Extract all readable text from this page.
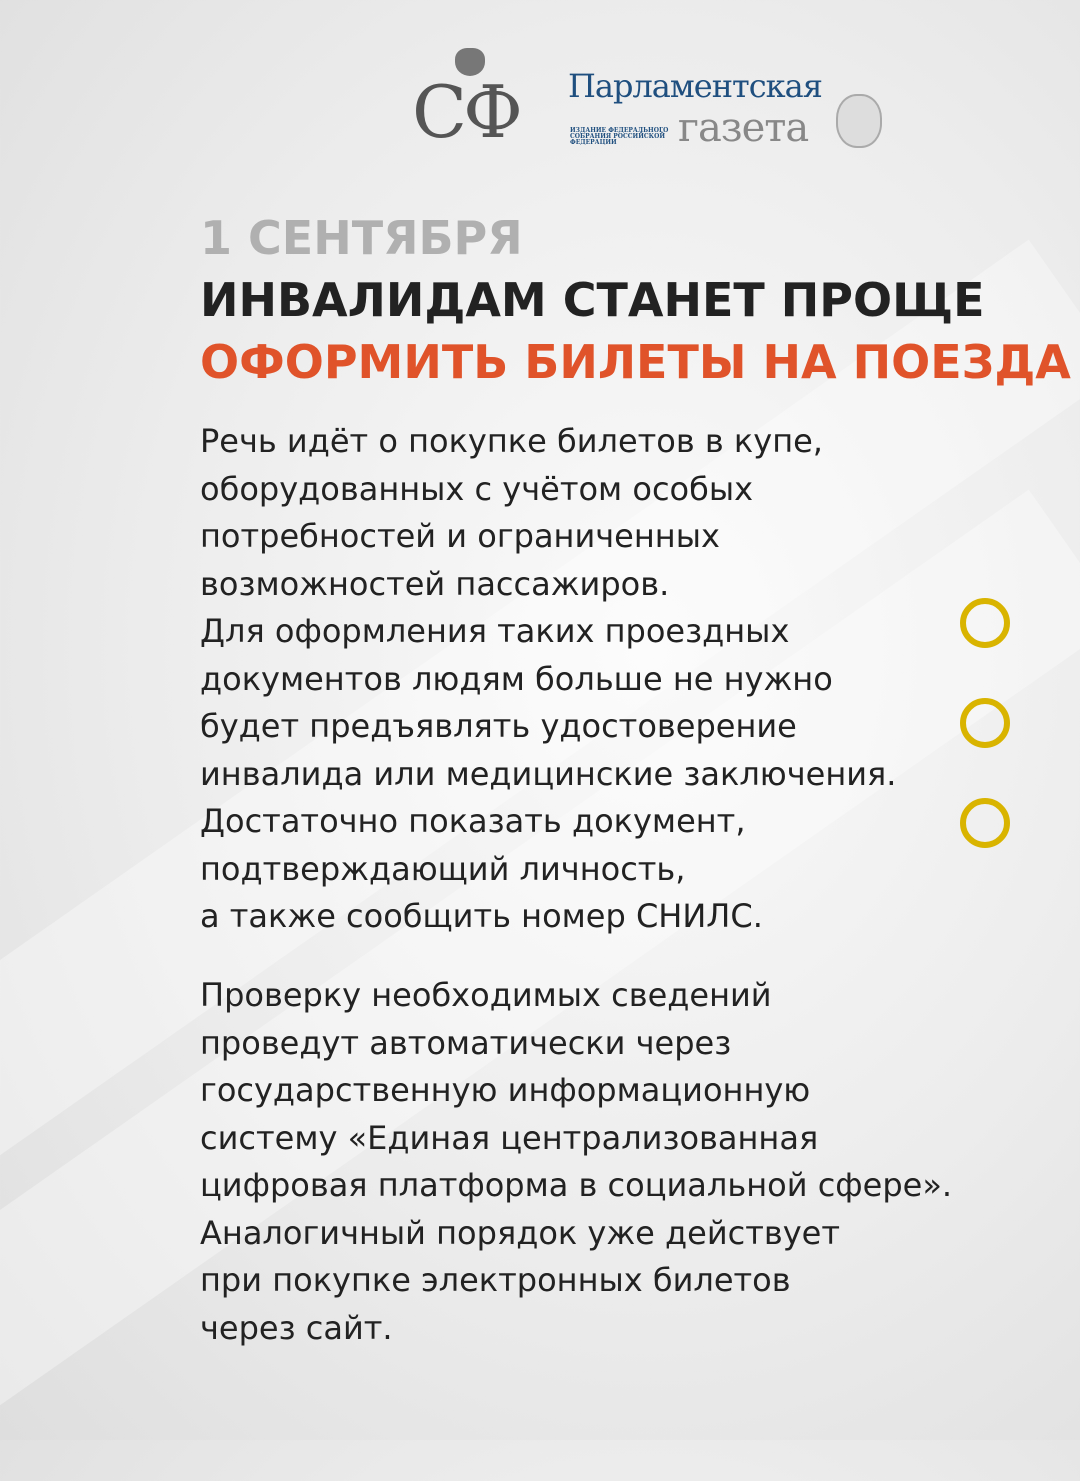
СФ Парламентская
газета
ИЗДАНИЕ ФЕДЕРАЛЬНОГО СОБРАНИЯ РОССИЙСКОЙ ФЕДЕРАЦИИ
1 СЕНТЯБРЯ
ИНВАЛИДАМ СТАНЕТ ПРОЩЕ
ОФОРМИТЬ БИЛЕТЫ НА ПОЕЗДА
Речь идёт о покупке билетов в купе,
оборудованных с учётом особых
потребностей и ограниченных
возможностей пассажиров.
Для оформления таких проездных
документов людям больше не нужно
будет предъявлять удостоверение
инвалида или медицинские заключения.
Достаточно показать документ,
подтверждающий личность,
а также сообщить номер СНИЛС.
Проверку необходимых сведений
проведут автоматически через
государственную информационную
систему «Единая централизованная
цифровая платформа в социальной сфере».
Аналогичный порядок уже действует
при покупке электронных билетов
через сайт.
